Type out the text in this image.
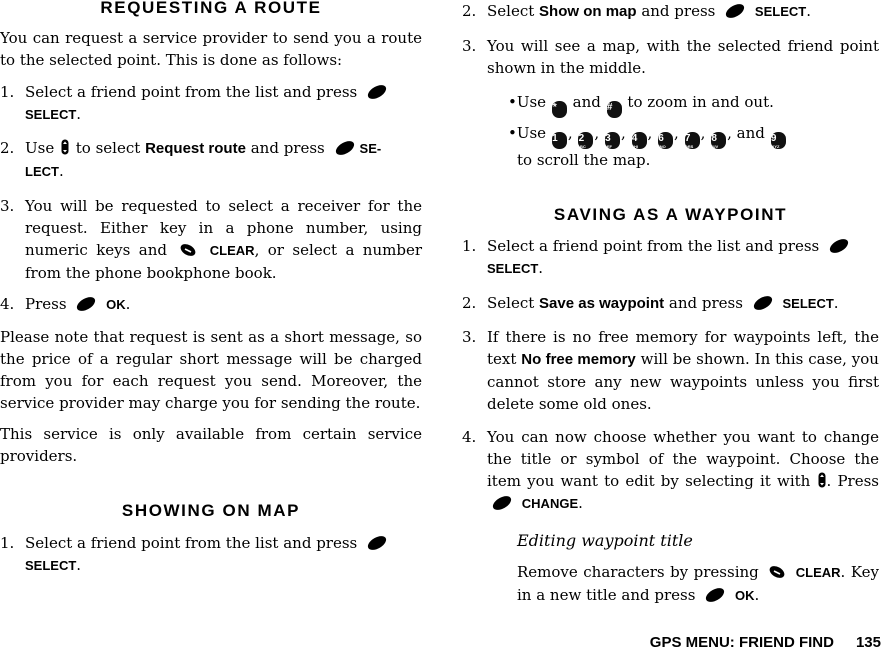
REQUESTING A ROUTE

You can request a service provider to send you a route to the selected point. This is done as follows:

1. Select a friend point from the list and press
SELECT.
2. Use to select Request route and press	SE-
LECT.
3. You will be requested to select a receiver for the request. Either key in a phone number, using numeric keys and	CLEAR, or select a number from the phone bookphone book.
4. Press	OK.

Please note that request is sent as a short message, so the price of a regular short message will be charged from you for each request you send. Moreover, the service provider may charge you for sending the route.

This service is only available from certain service providers.

SHOWING ON MAP
1. Select a friend point from the list and press
SELECT.
2. Select Show on map and press	SELECT.
3. You will see a map, with the selected friend point shown in the middle.
•Use * and # to zoom in and out.
•Use 1 , 2
ABC
, 3
DEF
, 4
GHI
, 6
MNO
, 7
PQRS
, 8
TUV
, and 9
WXYZ

to scroll the map.
SAVING AS A WAYPOINT
1. Select a friend point from the list and press
SELECT.
2. Select Save as waypoint and press	SELECT.
3. If there is no free memory for waypoints left, the text No free memory will be shown. In this case, you cannot store any new waypoints unless you first delete some old ones.
4. You can now choose whether you want to change the title or symbol of the waypoint. Choose the item you want to edit by selecting it with . Press  CHANGE.

Editing waypoint title

Remove characters by pressing	CLEAR. Key in a new title and press	OK.

GPS MENU: FRIEND FIND 135
